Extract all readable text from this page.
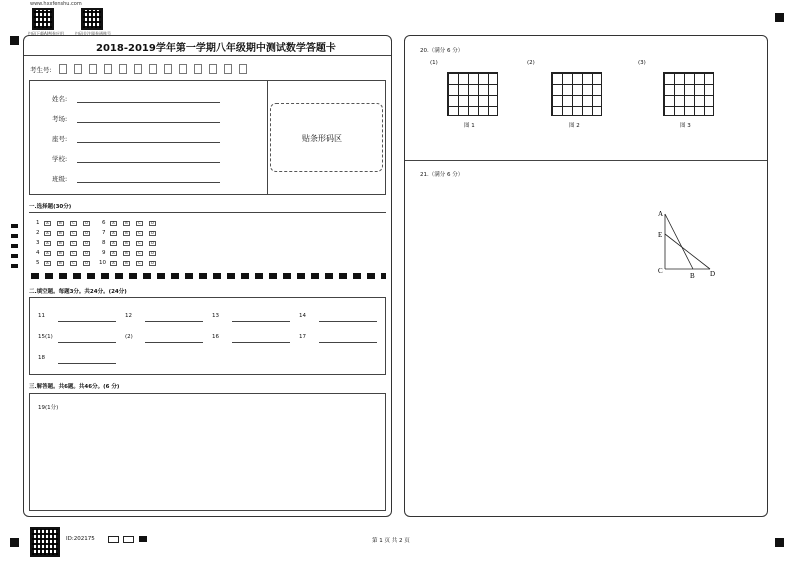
www.hxxfenshu.com
扫码下载AI判卷应用	扫码关注阅卷通账号
2018-2019学年第一学期八年级期中测试数学答题卡
考生号:
姓名:
考场:
座号:
学校:
班级:
贴条形码区
一.选择题(30分)
1	A	B	C	D
2	A	B	C	D
3	A	B	C	D
4	A	B	C	D
5	A	B	C	D
6	A	B	C	D
7	A	B	C	D
8	A	B	C	D
9	A	B	C	D
10	A	B	C	D
二.填空题。每题3分。共24分。(24分)
11	12	13	14
15(1)	(2)	16	17
18
三.解答题。共6题。共46分。(6 分)
19(1分)
20.（满分 6 分）
(1)	(2)	(3)
图 1	图 2	图 3
21.（满分 6 分）
A
E
C
B D
ID:202175	第 1 页 共 2 页
